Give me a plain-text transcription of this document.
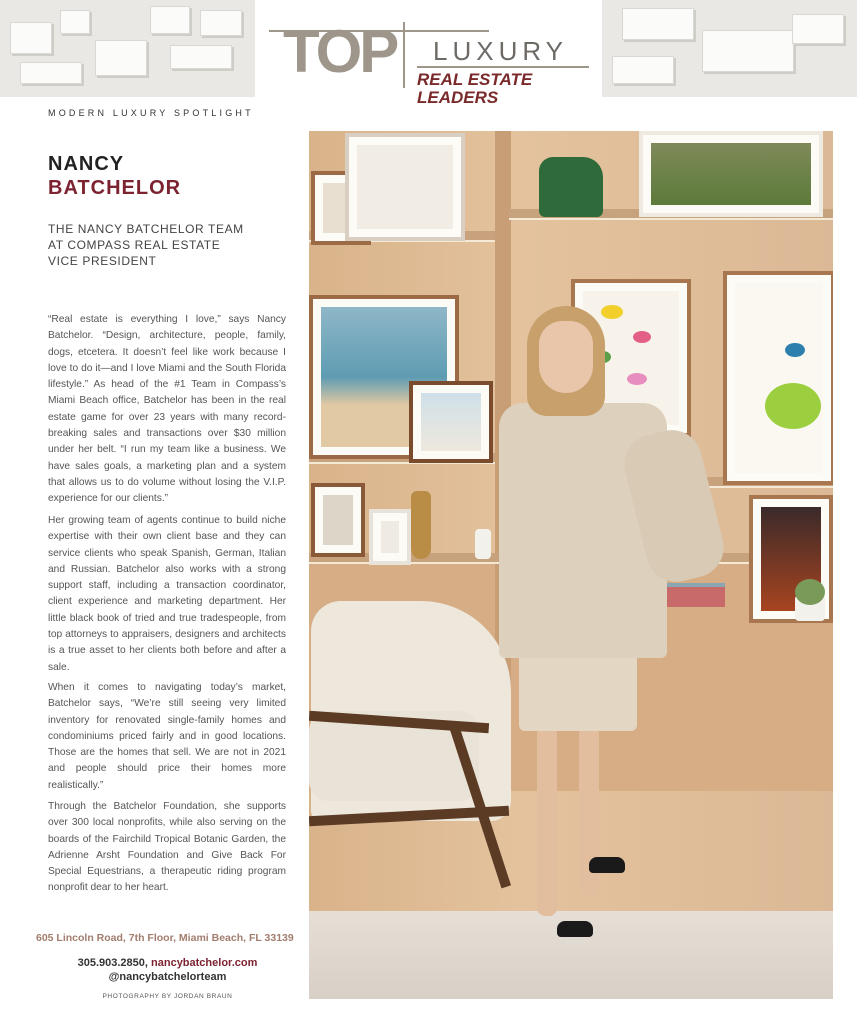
TOP LUXURY
REAL ESTATE LEADERS
MODERN LUXURY SPOTLIGHT
NANCY
BATCHELOR
THE NANCY BATCHELOR TEAM
AT COMPASS REAL ESTATE
VICE PRESIDENT

“Real estate is everything I love,” says Nancy Batchelor. “Design, architecture, people, family, dogs, etcetera. It doesn’t feel like work because I love to do it—and I love Miami and the South Florida lifestyle.” As head of the #1 Team in Compass’s Miami Beach office, Batchelor has been in the real estate game for over 23 years with many record-breaking sales and transactions over $30 million under her belt. “I run my team like a business. We have sales goals, a marketing plan and a system that allows us to do volume without losing the V.I.P. experience for our clients.”

Her growing team of agents continue to build niche expertise with their own client base and they can service clients who speak Spanish, German, Italian and Russian. Batchelor also works with a strong support staff, including a transaction coordinator, client experience and marketing department. Her little black book of tried and true tradespeople, from top attorneys to appraisers, designers and architects is a true asset to her clients both before and after a sale.

When it comes to navigating today’s market, Batchelor says, “We’re still seeing very limited inventory for renovated single-family homes and condominiums priced fairly and in good locations. Those are the homes that sell. We are not in 2021 and people should price their homes more realistically.”

Through the Batchelor Foundation, she supports over 300 local nonprofits, while also serving on the boards of the Fairchild Tropical Botanic Garden, the Adrienne Arsht Foundation and Give Back For Special Equestrians, a therapeutic riding program nonprofit dear to her heart.

605 Lincoln Road, 7th Floor, Miami Beach, FL 33139
305.903.2850, nancybatchelor.com
@nancybatchelorteam
PHOTOGRAPHY BY JORDAN BRAUN
